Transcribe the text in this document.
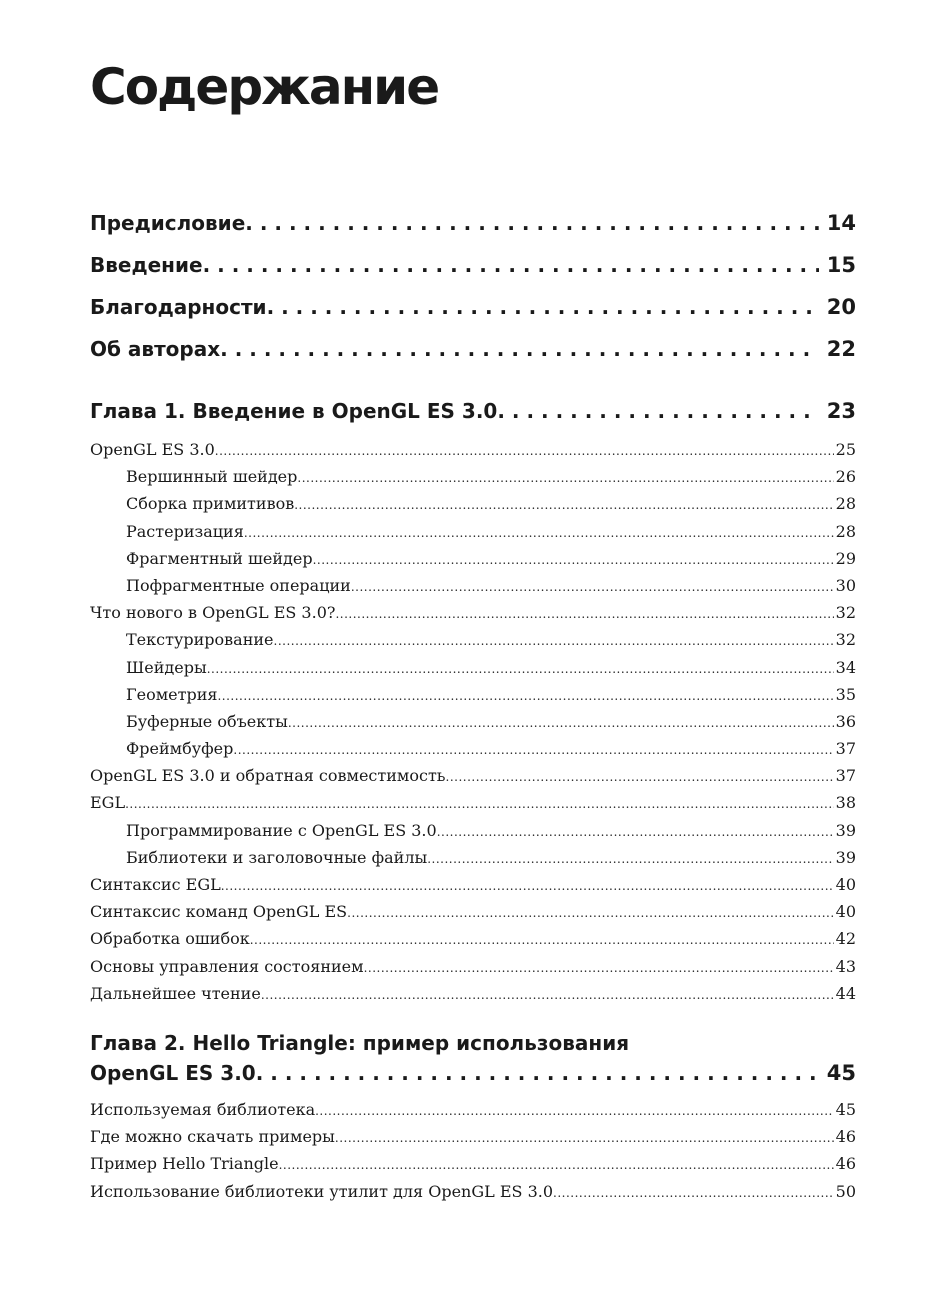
Содержание
Предисловие . . .	14
Введение . . .	15
Благодарности . . .	20
Об авторах . . .	22
Глава 1. Введение в OpenGL ES 3.0 . . .	23
OpenGL ES 3.0 .....	25
Вершинный шейдер .....	26
Сборка примитивов .....	28
Растеризация .....	28
Фрагментный шейдер .....	29
Пофрагментные операции .....	30
Что нового в OpenGL ES 3.0? .....	32
Текстурирование .....	32
Шейдеры .....	34
Геометрия .....	35
Буферные объекты .....	36
Фреймбуфер .....	37
OpenGL ES 3.0 и обратная совместимость .....	37
EGL .....	38
Программирование с OpenGL ES 3.0 .....	39
Библиотеки и заголовочные файлы .....	39
Синтаксис EGL .....	40
Синтаксис команд OpenGL ES .....	40
Обработка ошибок .....	42
Основы управления состоянием .....	43
Дальнейшее чтение .....	44
Глава 2. Hello Triangle: пример использования
OpenGL ES 3.0 . . .	45
Используемая библиотека .....	45
Где можно скачать примеры .....	46
Пример Hello Triangle .....	46
Использование библиотеки утилит для OpenGL ES 3.0 .....	50
